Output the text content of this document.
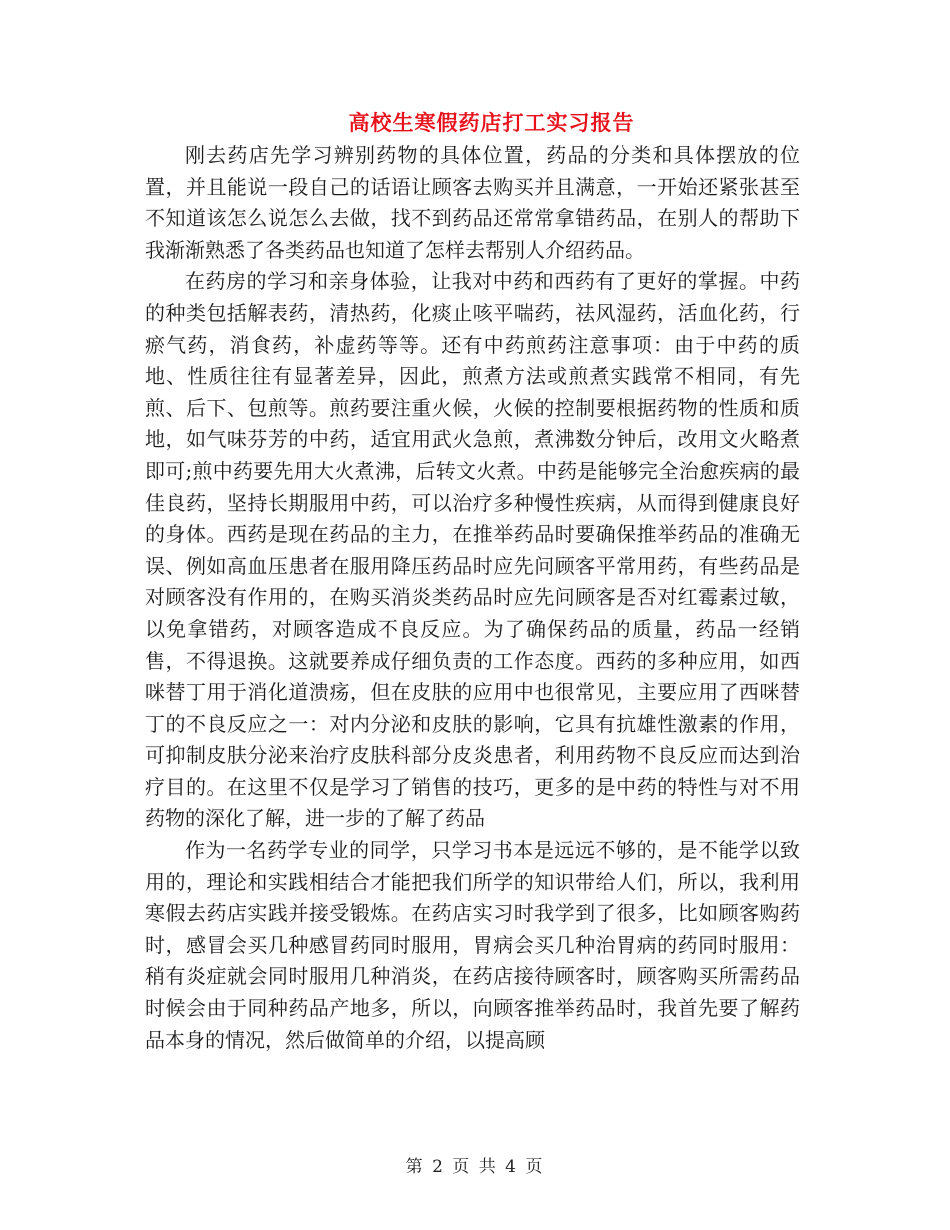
高校生寒假药店打工实习报告

刚去药店先学习辨别药物的具体位置，药品的分类和具体摆放的位置，并且能说一段自己的话语让顾客去购买并且满意，一开始还紧张甚至不知道该怎么说怎么去做，找不到药品还常常拿错药品，在别人的帮助下我渐渐熟悉了各类药品也知道了怎样去帮别人介绍药品。

在药房的学习和亲身体验，让我对中药和西药有了更好的掌握。中药的种类包括解表药，清热药，化痰止咳平喘药，祛风湿药，活血化药，行瘀气药，消食药，补虚药等等。还有中药煎药注意事项：由于中药的质地、性质往往有显著差异，因此，煎煮方法或煎煮实践常不相同，有先煎、后下、包煎等。煎药要注重火候，火候的控制要根据药物的性质和质地，如气味芬芳的中药，适宜用武火急煎，煮沸数分钟后，改用文火略煮即可;煎中药要先用大火煮沸，后转文火煮。中药是能够完全治愈疾病的最佳良药，坚持长期服用中药，可以治疗多种慢性疾病，从而得到健康良好的身体。西药是现在药品的主力，在推举药品时要确保推举药品的准确无误、例如高血压患者在服用降压药品时应先问顾客平常用药，有些药品是对顾客没有作用的，在购买消炎类药品时应先问顾客是否对红霉素过敏，以免拿错药，对顾客造成不良反应。为了确保药品的质量，药品一经销售，不得退换。这就要养成仔细负责的工作态度。西药的多种应用，如西咪替丁用于消化道溃疡，但在皮肤的应用中也很常见，主要应用了西咪替丁的不良反应之一：对内分泌和皮肤的影响，它具有抗雄性激素的作用，可抑制皮肤分泌来治疗皮肤科部分皮炎患者，利用药物不良反应而达到治疗目的。在这里不仅是学习了销售的技巧，更多的是中药的特性与对不用药物的深化了解，进一步的了解了药品

作为一名药学专业的同学，只学习书本是远远不够的，是不能学以致用的，理论和实践相结合才能把我们所学的知识带给人们，所以，我利用寒假去药店实践并接受锻炼。在药店实习时我学到了很多，比如顾客购药时，感冒会买几种感冒药同时服用，胃病会买几种治胃病的药同时服用：稍有炎症就会同时服用几种消炎，在药店接待顾客时，顾客购买所需药品时候会由于同种药品产地多，所以，向顾客推举药品时，我首先要了解药品本身的情况，然后做简单的介绍，以提高顾

第 2 页 共 4 页
